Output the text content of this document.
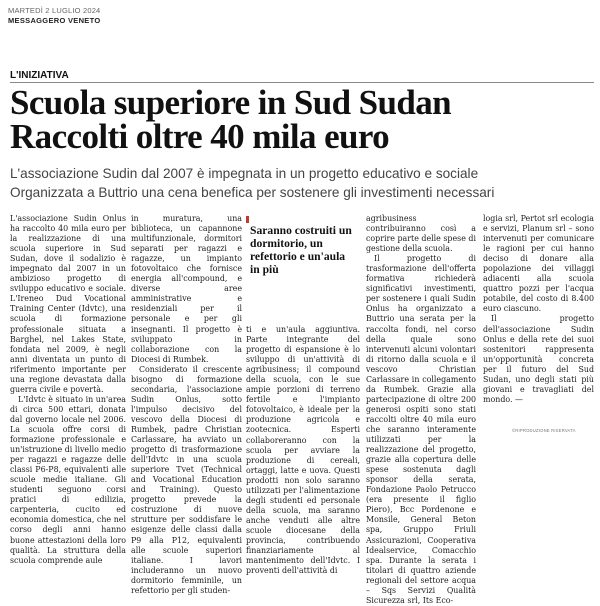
MARTEDÌ 2 LUGLIO 2024
MESSAGGERO VENETO
L'INIZIATIVA
Scuola superiore in Sud Sudan
Raccolti oltre 40 mila euro
L'associazione Sudin dal 2007 è impegnata in un progetto educativo e sociale
Organizzata a Buttrio una cena benefica per sostenere gli investimenti necessari

L'associazione Sudin Onlus ha raccolto 40 mila euro per la realizzazione di una scuola superiore in Sud Sudan, dove il sodalizio è impegnato dal 2007 in un ambizioso progetto di sviluppo educativo e sociale. L'Ireneo Dud Vocational Training Center (Idvtc), una scuola di formazione professionale situata a Barghel, nel Lakes State, fondata nel 2009, è negli anni diventata un punto di riferimento importante per una regione devastata dalla guerra civile e povertà.

L'Idvtc è situato in un'area di circa 500 ettari, donata dal governo locale nel 2006. La scuola offre corsi di formazione professionale e un'istruzione di livello medio per ragazzi e ragazze delle classi P6-P8, equivalenti alle scuole medie italiane. Gli studenti seguono corsi pratici di edilizia, carpenteria, cucito ed economia domestica, che nel corso degli anni hanno buone attestazioni della loro qualità. La struttura della scuola comprende aule

in muratura, una biblioteca, un capannone multifunzionale, dormitori separati per ragazzi e ragazze, un impianto fotovoltaico che fornisce energia all'compound, e diverse aree amministrative e residenziali per il personale e per gli insegnanti. Il progetto è sviluppato in collaborazione con la Diocesi di Rumbek.

Considerato il crescente bisogno di formazione secondaria, l'associazione Sudin Onlus, sotto l'impulso decisivo del vescovo della Diocesi di Rumbek, padre Christian Carlassare, ha avviato un progetto di trasformazione dell'Idvtc in una scuola superiore Tvet (Technical and Vocational Education and Training). Questo progetto prevede la costruzione di nuove strutture per soddisfare le esigenze delle classi dalla P9 alla P12, equivalenti alle scuole superiori italiane. I lavori includeranno un nuovo dormitorio femminile, un refettorio per gli studen-

Saranno costruiti un dormitorio, un refettorio e un'aula in più

ti e un'aula aggiuntiva. Parte integrante del progetto di espansione è lo sviluppo di un'attività di agribusiness; il compound della scuola, con le sue ampie porzioni di terreno fertile e l'impianto fotovoltaico, è ideale per la produzione agricola e zootecnica. Esperti collaboreranno con la scuola per avviare la produzione di cereali, ortaggi, latte e uova. Questi prodotti non solo saranno utilizzati per l'alimentazione degli studenti ed personale della scuola, ma saranno anche venduti alle altre scuole diocesane della provincia, contribuendo finanziariamente al mantenimento dell'Idvtc. I proventi dell'attività di

agribusiness contribuiranno così a coprire parte delle spese di gestione della scuola.

Il progetto di trasformazione dell'offerta formativa richiederà significativi investimenti, per sostenere i quali Sudin Onlus ha organizzato a Buttrio una serata per la raccolta fondi, nel corso della quale sono intervenuti alcuni volontari di ritorno dalla scuola e il vescovo Christian Carlassare in collegamento da Rumbek. Grazie alla partecipazione di oltre 200 generosi ospiti sono stati raccolti oltre 40 mila euro che saranno interamente utilizzati per la realizzazione del progetto, grazie alla copertura delle spese sostenuta dagli sponsor della serata, Fondazione Paolo Petrucco (era presente il figlio Piero), Bcc Pordenone e Monsile, General Beton spa, Gruppo Friuli Assicurazioni, Cooperativa Idealservice, Comacchio spa. Durante la serata i titolari di quattro aziende regionali del settore acqua – Sqs Servizi Qualità Sicurezza srl, Its Eco-

logia srl, Pertot srl ecologia e servizi, Planum srl – sono intervenuti per comunicare le ragioni per cui hanno deciso di donare alla popolazione dei villaggi adiacenti alla scuola quattro pozzi per l'acqua potabile, del costo di 8.400 euro ciascuno.

Il progetto dell'associazione Sudin Onlus e della rete dei suoi sostenitori rappresenta un'opportunità concreta per il futuro del Sud Sudan, uno degli stati più giovani e travagliati del mondo. —

©RIPRODUZIONE RISERVATA
